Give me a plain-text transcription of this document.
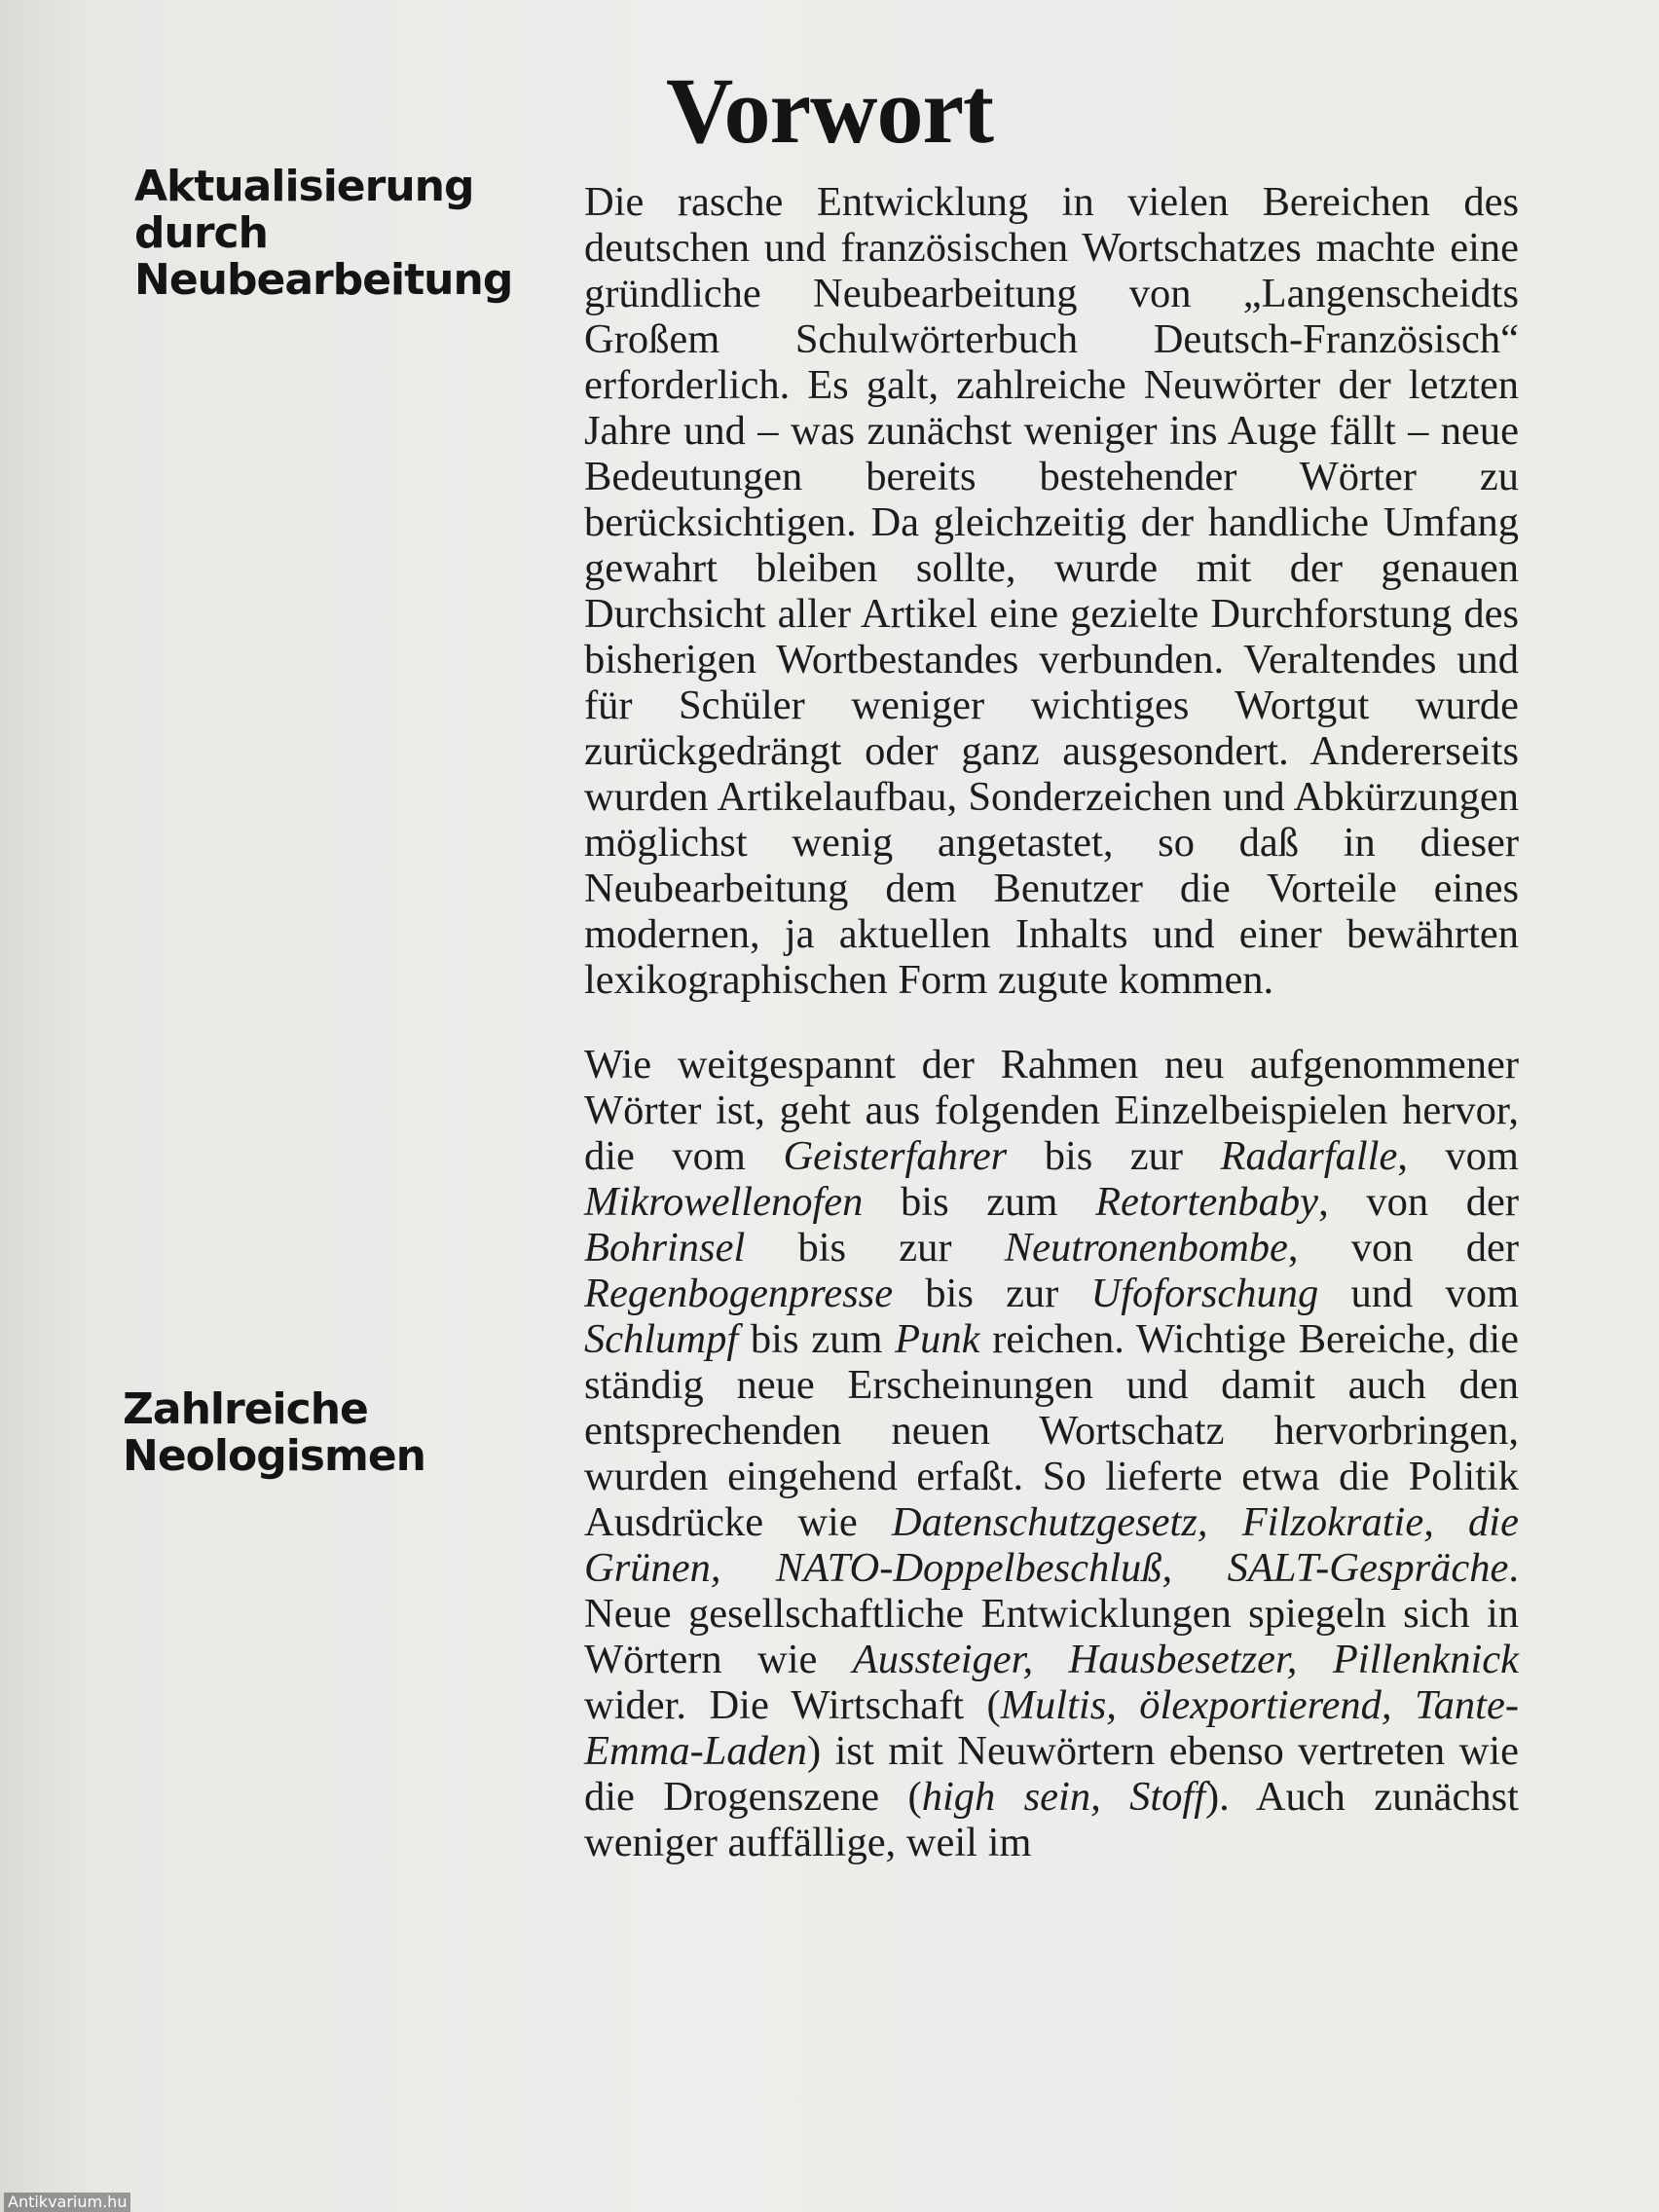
Vorwort
Aktualisierung durch Neubearbeitung
Zahlreiche Neologismen

Die rasche Entwicklung in vielen Bereichen des deutschen und französischen Wortschatzes machte eine gründliche Neubearbeitung von „Langenscheidts Großem Schulwörterbuch Deutsch-Französisch“ erforderlich. Es galt, zahlreiche Neuwörter der letzten Jahre und – was zunächst weniger ins Auge fällt – neue Bedeutungen bereits bestehender Wörter zu berücksichtigen. Da gleichzeitig der handliche Umfang gewahrt bleiben sollte, wurde mit der genauen Durchsicht aller Artikel eine gezielte Durchforstung des bisherigen Wortbestandes verbunden. Veraltendes und für Schüler weniger wichtiges Wortgut wurde zurückgedrängt oder ganz ausgesondert. Andererseits wurden Artikelaufbau, Sonderzeichen und Abkürzungen möglichst wenig angetastet, so daß in dieser Neubearbeitung dem Benutzer die Vorteile eines modernen, ja aktuellen Inhalts und einer bewährten lexikographischen Form zugute kommen.

Wie weitgespannt der Rahmen neu aufgenommener Wörter ist, geht aus folgenden Einzelbeispielen hervor, die vom Geisterfahrer bis zur Radarfalle, vom Mikrowellenofen bis zum Retortenbaby, von der Bohrinsel bis zur Neutronenbombe, von der Regenbogenpresse bis zur Ufoforschung und vom Schlumpf bis zum Punk reichen. Wichtige Bereiche, die ständig neue Erscheinungen und damit auch den entsprechenden neuen Wortschatz hervorbringen, wurden eingehend erfaßt. So lieferte etwa die Politik Ausdrücke wie Datenschutzgesetz, Filzokratie, die Grünen, NATO-Doppelbeschluß, SALT-Gespräche. Neue gesellschaftliche Entwicklungen spiegeln sich in Wörtern wie Aussteiger, Hausbesetzer, Pillenknick wider. Die Wirtschaft (Multis, ölexportierend, Tante-Emma-Laden) ist mit Neuwörtern ebenso vertreten wie die Drogenszene (high sein, Stoff). Auch zunächst weniger auffällige, weil im

Antikvarium.hu
